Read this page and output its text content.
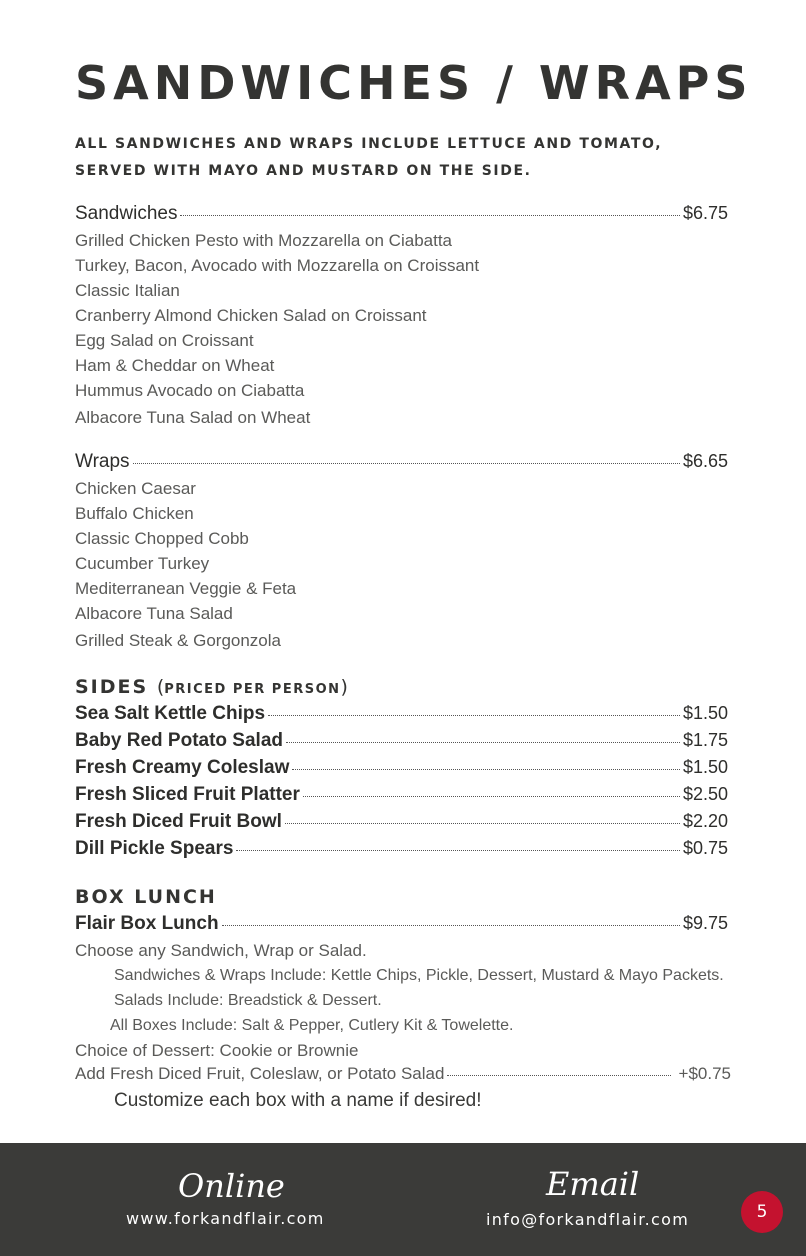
SANDWICHES / WRAPS
ALL SANDWICHES AND WRAPS INCLUDE LETTUCE AND TOMATO, SERVED WITH MAYO AND MUSTARD ON THE SIDE.
Sandwiches	$6.75
Grilled Chicken Pesto with Mozzarella on Ciabatta
Turkey, Bacon, Avocado with Mozzarella on Croissant
Classic Italian
Cranberry Almond Chicken Salad on Croissant
Egg Salad on Croissant
Ham & Cheddar on Wheat
Hummus Avocado on Ciabatta
Albacore Tuna Salad on Wheat
Wraps	$6.65
Chicken Caesar
Buffalo Chicken
Classic Chopped Cobb
Cucumber Turkey
Mediterranean Veggie & Feta
Albacore Tuna Salad
Grilled Steak & Gorgonzola
SIDES (PRICED PER PERSON)
Sea Salt Kettle Chips	$1.50
Baby Red Potato Salad	$1.75
Fresh Creamy Coleslaw	$1.50
Fresh Sliced Fruit Platter	$2.50
Fresh Diced Fruit Bowl	$2.20
Dill Pickle Spears	$0.75
BOX LUNCH
Flair Box Lunch	$9.75
Choose any Sandwich, Wrap or Salad.
Sandwiches & Wraps Include: Kettle Chips, Pickle, Dessert, Mustard & Mayo Packets.
Salads Include: Breadstick & Dessert.
All Boxes Include: Salt & Pepper, Cutlery Kit & Towelette.
Choice of Dessert: Cookie or Brownie
Add Fresh Diced Fruit, Coleslaw, or Potato Salad	+$0.75
Customize each box with a name if desired!
Online
www.forkandflair.com
Email
info@forkandflair.com	5
